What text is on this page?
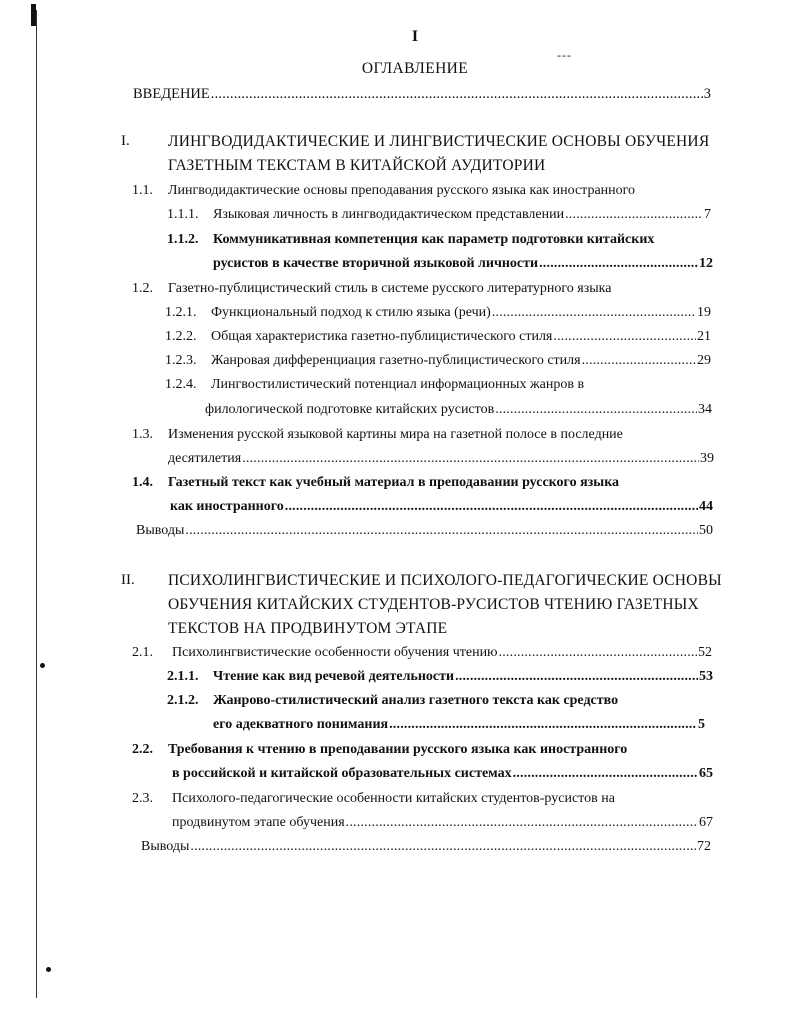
I
---
ОГЛАВЛЕНИЕ
ВВЕДЕНИЕ .....	3
I. ЛИНГВОДИДАКТИЧЕСКИЕ И ЛИНГВИСТИЧЕСКИЕ ОСНОВЫ ОБУЧЕНИЯ
ГАЗЕТНЫМ ТЕКСТАМ В КИТАЙСКОЙ АУДИТОРИИ
1.1. Лингводидактические основы преподавания русского языка как иностранного
1.1.1. Языковая личность в лингводидактическом представлении .....	7
1.1.2. Коммуникативная компетенция как параметр подготовки китайских
русистов в качестве вторичной языковой личности .....	12
1.2. Газетно-публицистический стиль в системе русского литературного языка
1.2.1. Функциональный подход к стилю языка (речи) .....	19
1.2.2. Общая характеристика газетно-публицистического стиля .....	21
1.2.3. Жанровая дифференциация газетно-публицистического стиля .....	29
1.2.4. Лингвостилистический потенциал информационных жанров в
филологической подготовке китайских русистов .....	34
1.3. Изменения русской языковой картины мира на газетной полосе в последние
десятилетия .....	39
1.4. Газетный текст как учебный материал в преподавании русского языка
как иностранного .....	44
Выводы .....	50
II. ПСИХОЛИНГВИСТИЧЕСКИЕ И ПСИХОЛОГО-ПЕДАГОГИЧЕСКИЕ ОСНОВЫ
ОБУЧЕНИЯ КИТАЙСКИХ СТУДЕНТОВ-РУСИСТОВ ЧТЕНИЮ ГАЗЕТНЫХ
ТЕКСТОВ НА ПРОДВИНУТОМ ЭТАПЕ
2.1. Психолингвистические особенности обучения чтению .....	52
2.1.1. Чтение как вид речевой деятельности .....	53
2.1.2. Жанрово-стилистический анализ газетного текста как средство
его адекватного понимания .....	5
2.2. Требования к чтению в преподавании русского языка как иностранного
в российской и китайской образовательных системах .....	65
2.3. Психолого-педагогические особенности китайских студентов-русистов на
продвинутом этапе обучения .....	67
Выводы .....	72
